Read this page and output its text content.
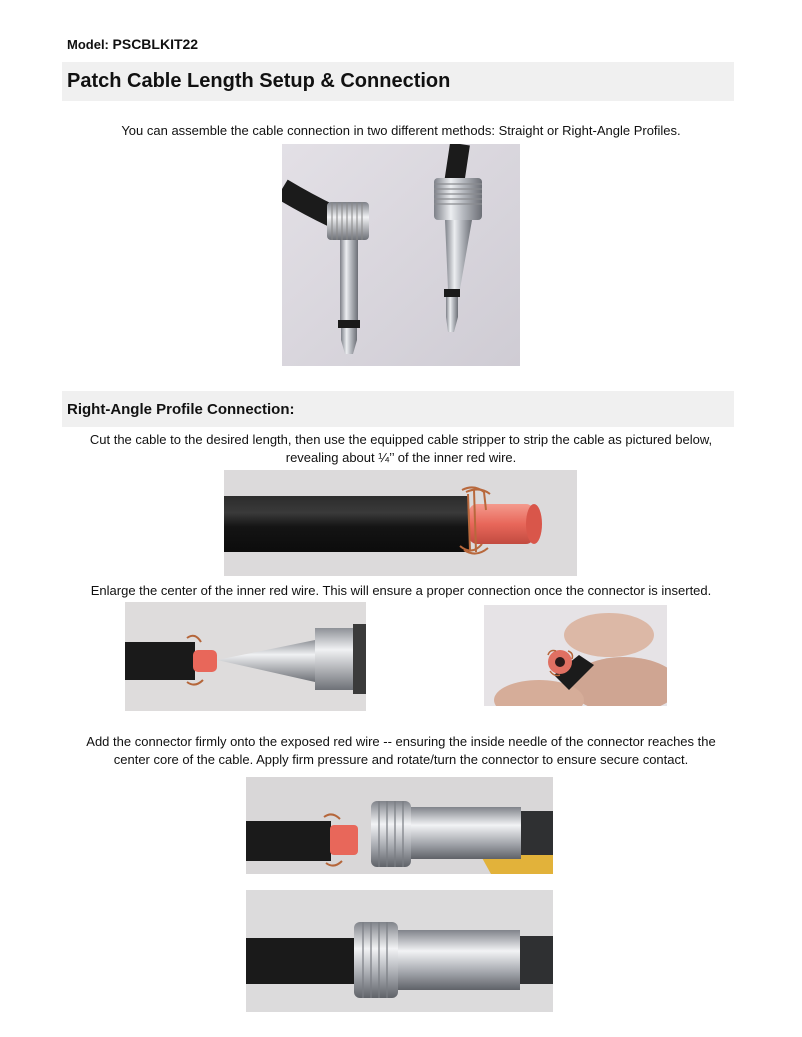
Model: PSCBLKIT22
Patch Cable Length Setup & Connection
You can assemble the cable connection in two different methods: Straight or Right-Angle Profiles.
Right-Angle Profile Connection:
Cut the cable to the desired length, then use the equipped cable stripper to strip the cable as pictured below,
revealing about ¼’’ of the inner red wire.
Enlarge the center of the inner red wire. This will ensure a proper connection once the connector is inserted.
Add the connector firmly onto the exposed red wire -- ensuring the inside needle of the connector reaches the
center core of the cable. Apply firm pressure and rotate/turn the connector to ensure secure contact.
